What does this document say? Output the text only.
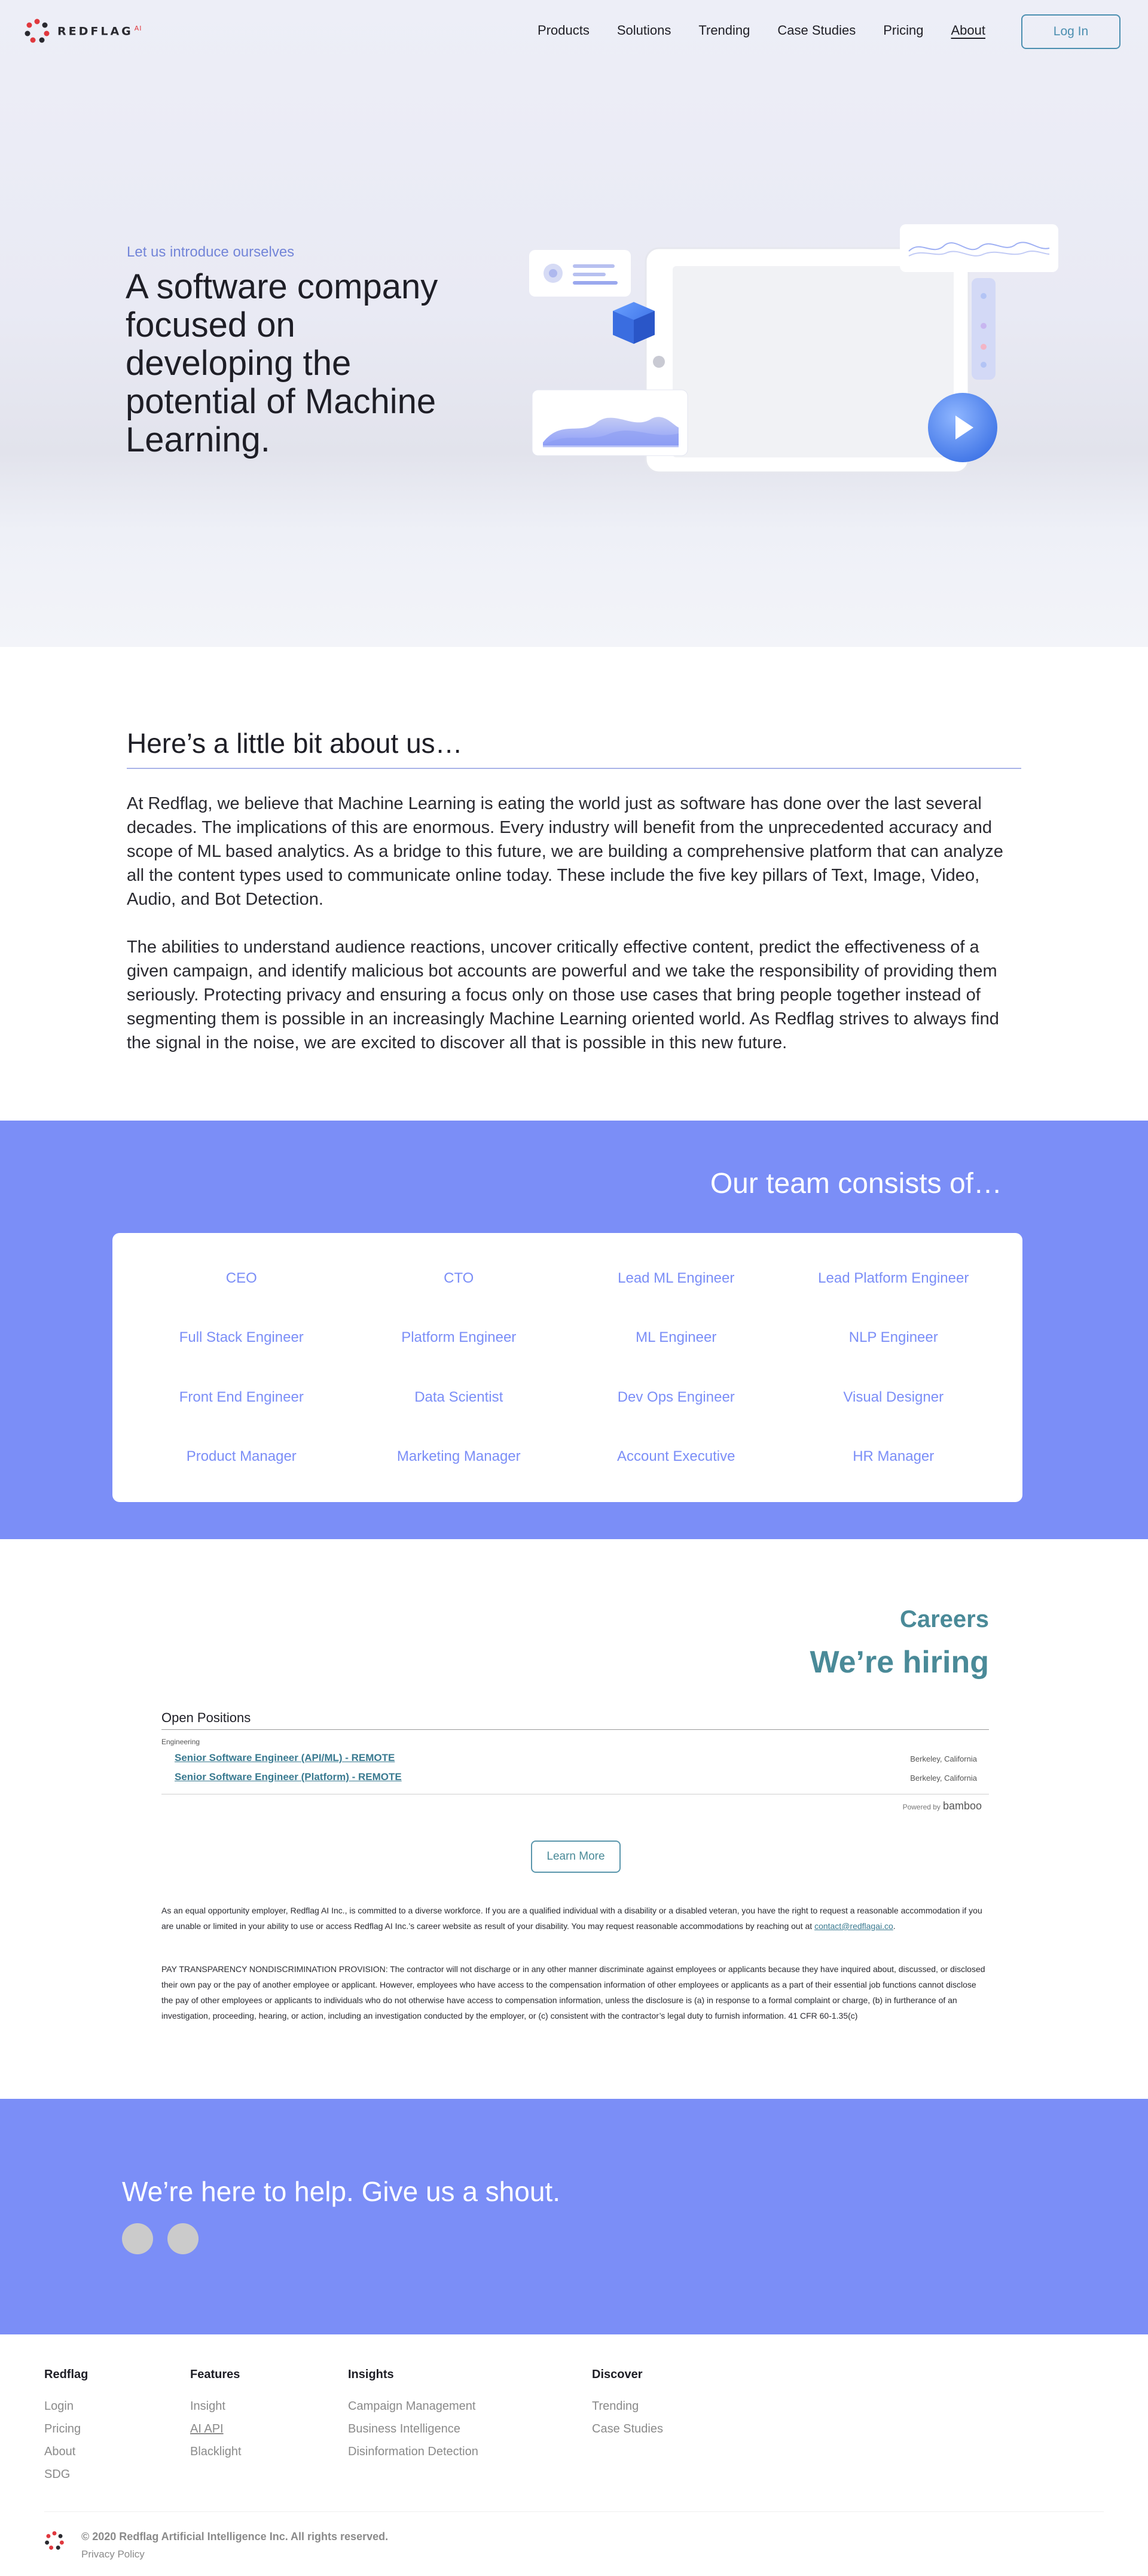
Let us introduce ourselves
A software company focused on developing the potential of Machine Learning.
REDFLAG $^{AI}$	Products Solutions Trending Case Studies Pricing About	Log In
Here’s a little bit about us…

At Redflag, we believe that Machine Learning is eating the world just as software has done over the last several decades. The implications of this are enormous. Every industry will benefit from the unprecedented accuracy and scope of ML based analytics. As a bridge to this future, we are building a comprehensive platform that can analyze all the content types used to communicate online today. These include the five key pillars of Text, Image, Video, Audio, and Bot Detection.

The abilities to understand audience reactions, uncover critically effective content, predict the effectiveness of a given campaign, and identify malicious bot accounts are powerful and we take the responsibility of providing them seriously. Protecting privacy and ensuring a focus only on those use cases that bring people together instead of segmenting them is possible in an increasingly Machine Learning oriented world. As Redflag strives to always find the signal in the noise, we are excited to discover all that is possible in this new future.

Our team consists of…
CEO	CTO	Lead ML Engineer	Lead Platform Engineer
Full Stack Engineer	Platform Engineer	ML Engineer	NLP Engineer
Front End Engineer	Data Scientist	Dev Ops Engineer	Visual Designer
Product Manager	Marketing Manager	Account Executive	HR Manager
Careers
We’re hiring
Open Positions
Engineering
Senior Software Engineer (API/ML) - REMOTE	Berkeley, California
Senior Software Engineer (Platform) - REMOTE	Berkeley, California
Powered by bamboo
Learn More

As an equal opportunity employer, Redflag AI Inc., is committed to a diverse workforce. If you are a qualified individual with a disability or a disabled veteran, you have the right to request a reasonable accommodation if you are unable or limited in your ability to use or access Redflag AI Inc.’s career website as result of your disability. You may request reasonable accommodations by reaching out at contact@redflagai.co.

PAY TRANSPARENCY NONDISCRIMINATION PROVISION: The contractor will not discharge or in any other manner discriminate against employees or applicants because they have inquired about, discussed, or disclosed their own pay or the pay of another employee or applicant. However, employees who have access to the compensation information of other employees or applicants as a part of their essential job functions cannot disclose the pay of other employees or applicants to individuals who do not otherwise have access to compensation information, unless the disclosure is (a) in response to a formal complaint or charge, (b) in furtherance of an investigation, proceeding, hearing, or action, including an investigation conducted by the employer, or (c) consistent with the contractor’s legal duty to furnish information. 41 CFR 60-1.35(c)

We’re here to help. Give us a shout.
Redflag
Login
Pricing
About
SDG
Features
Insight
AI API
Blacklight
Insights
Campaign Management
Business Intelligence
Disinformation Detection
Discover
Trending
Case Studies
© 2020 Redflag Artificial Intelligence Inc. All rights reserved.
Privacy Policy
